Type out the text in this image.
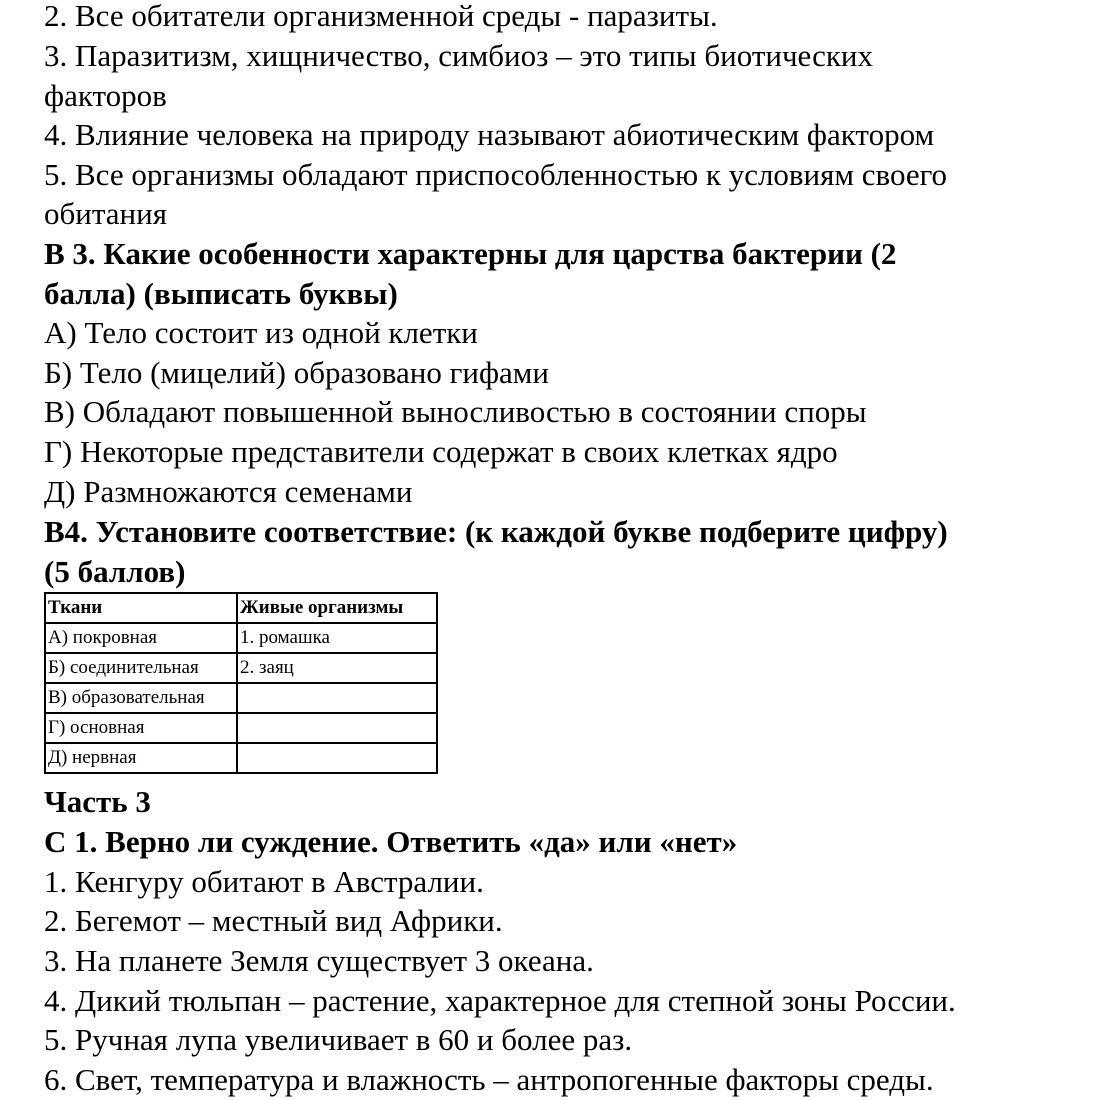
2. Все обитатели организменной среды - паразиты.
3. Паразитизм, хищничество, симбиоз – это типы биотических
факторов
4. Влияние человека на природу называют абиотическим фактором
5. Все организмы обладают приспособленностью к условиям своего
обитания
В 3. Какие особенности характерны для царства бактерии (2
балла) (выписать буквы)
А) Тело состоит из одной клетки
Б) Тело (мицелий) образовано гифами
В) Обладают повышенной выносливостью в состоянии споры
Г) Некоторые представители содержат в своих клетках ядро
Д) Размножаются семенами
В4. Установите соответствие: (к каждой букве подберите цифру)
(5 баллов)
Ткани	Живые организмы
А) покровная	1. ромашка
Б) соединительная	2. заяц
В) образовательная	
Г) основная	
Д) нервная	
Часть 3
С 1. Верно ли суждение. Ответить «да» или «нет»
1. Кенгуру обитают в Австралии.
2. Бегемот – местный вид Африки.
3. На планете Земля существует 3 океана.
4. Дикий тюльпан – растение, характерное для степной зоны России.
5. Ручная лупа увеличивает в 60 и более раз.
6. Свет, температура и влажность – антропогенные факторы среды.
